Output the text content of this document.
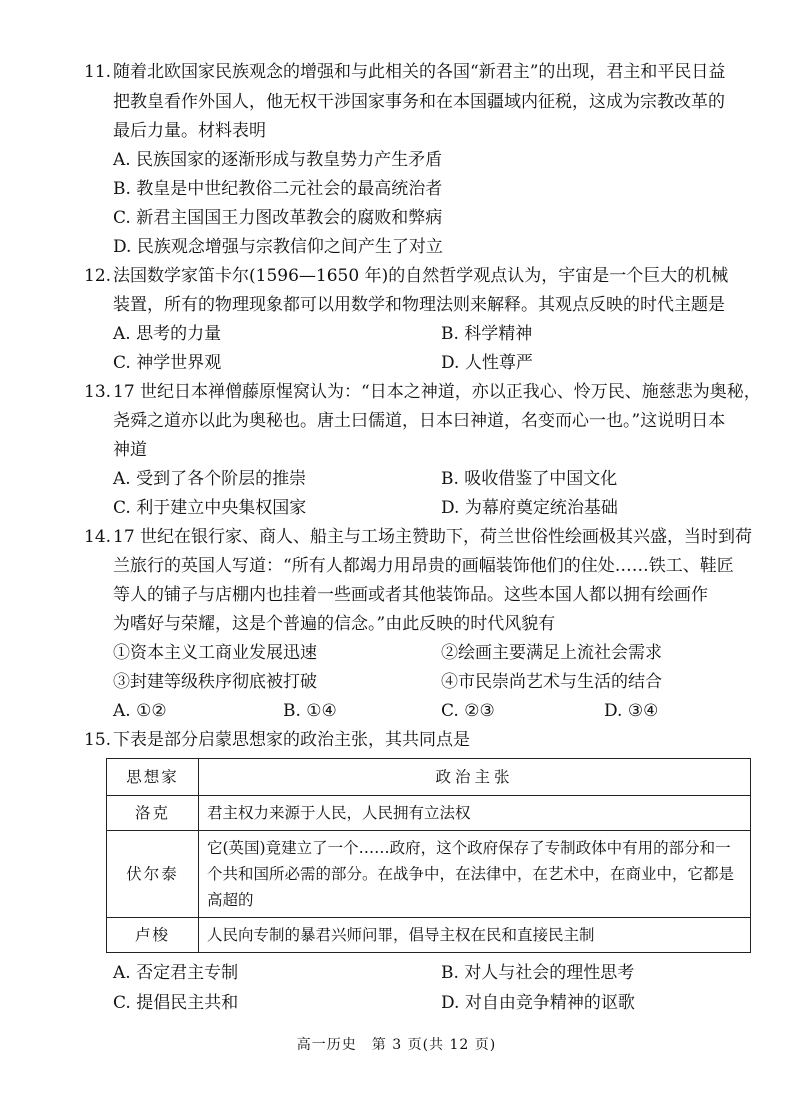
11. 随着北欧国家民族观念的增强和与此相关的各国“新君主”的出现，君主和平民日益
把教皇看作外国人，他无权干涉国家事务和在本国疆域内征税，这成为宗教改革的
最后力量。材料表明
A. 民族国家的逐渐形成与教皇势力产生矛盾
B. 教皇是中世纪教俗二元社会的最高统治者
C. 新君主国国王力图改革教会的腐败和弊病
D. 民族观念增强与宗教信仰之间产生了对立
12. 法国数学家笛卡尔(1596—1650 年)的自然哲学观点认为，宇宙是一个巨大的机械
装置，所有的物理现象都可以用数学和物理法则来解释。其观点反映的时代主题是
A. 思考的力量	B. 科学精神
C. 神学世界观	D. 人性尊严
13. 17 世纪日本禅僧藤原惺窝认为：“日本之神道，亦以正我心、怜万民、施慈悲为奥秘，
尧舜之道亦以此为奥秘也。唐土曰儒道，日本曰神道，名变而心一也。”这说明日本
神道
A. 受到了各个阶层的推崇	B. 吸收借鉴了中国文化
C. 利于建立中央集权国家	D. 为幕府奠定统治基础
14. 17 世纪在银行家、商人、船主与工场主赞助下，荷兰世俗性绘画极其兴盛，当时到荷
兰旅行的英国人写道：“所有人都竭力用昂贵的画幅装饰他们的住处……铁工、鞋匠
等人的铺子与店棚内也挂着一些画或者其他装饰品。这些本国人都以拥有绘画作
为嗜好与荣耀，这是个普遍的信念。”由此反映的时代风貌有
①资本主义工商业发展迅速	②绘画主要满足上流社会需求
③封建等级秩序彻底被打破	④市民崇尚艺术与生活的结合
A. ①②	B. ①④	C. ②③	D. ③④
15. 下表是部分启蒙思想家的政治主张，其共同点是
思想家	政治主张
洛克	君主权力来源于人民，人民拥有立法权
伏尔泰	它(英国)竟建立了一个……政府，这个政府保存了专制政体中有用的部分和一个共和国所必需的部分。在战争中，在法律中，在艺术中，在商业中，它都是高超的
卢梭	人民向专制的暴君兴师问罪，倡导主权在民和直接民主制
A. 否定君主专制	B. 对人与社会的理性思考
C. 提倡民主共和	D. 对自由竞争精神的讴歌
高一历史　第 3 页(共 12 页)
